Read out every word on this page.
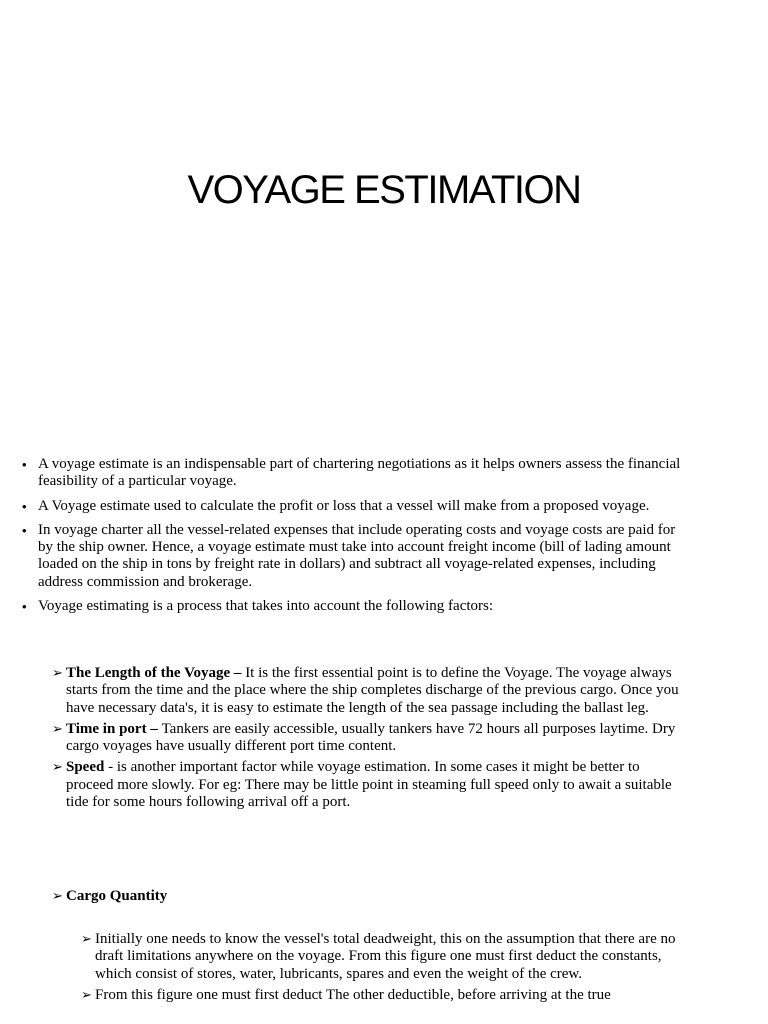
VOYAGE ESTIMATION
• A voyage estimate is an indispensable part of chartering negotiations as it helps owners assess the financial feasibility of a particular voyage.
• A Voyage estimate used to calculate the profit or loss that a vessel will make from a proposed voyage.
• In voyage charter all the vessel-related expenses that include operating costs and voyage costs are paid for by the ship owner. Hence, a voyage estimate must take into account freight income (bill of lading amount loaded on the ship in tons by freight rate in dollars) and subtract all voyage-related expenses, including address commission and brokerage.
• Voyage estimating is a process that takes into account the following factors:
➢ The Length of the Voyage – It is the first essential point is to define the Voyage. The voyage always starts from the time and the place where the ship completes discharge of the previous cargo. Once you have necessary data's, it is easy to estimate the length of the sea passage including the ballast leg.
➢ Time in port – Tankers are easily accessible, usually tankers have 72 hours all purposes laytime. Dry cargo voyages have usually different port time content.
➢ Speed - is another important factor while voyage estimation. In some cases it might be better to proceed more slowly. For eg: There may be little point in steaming full speed only to await a suitable tide for some hours following arrival off a port.
➢ Cargo Quantity
➢ Initially one needs to know the vessel's total deadweight, this on the assumption that there are no draft limitations anywhere on the voyage. From this figure one must first deduct the constants, which consist of stores, water, lubricants, spares and even the weight of the crew.
➢ From this figure one must first deduct The other deductible, before arriving at the true
